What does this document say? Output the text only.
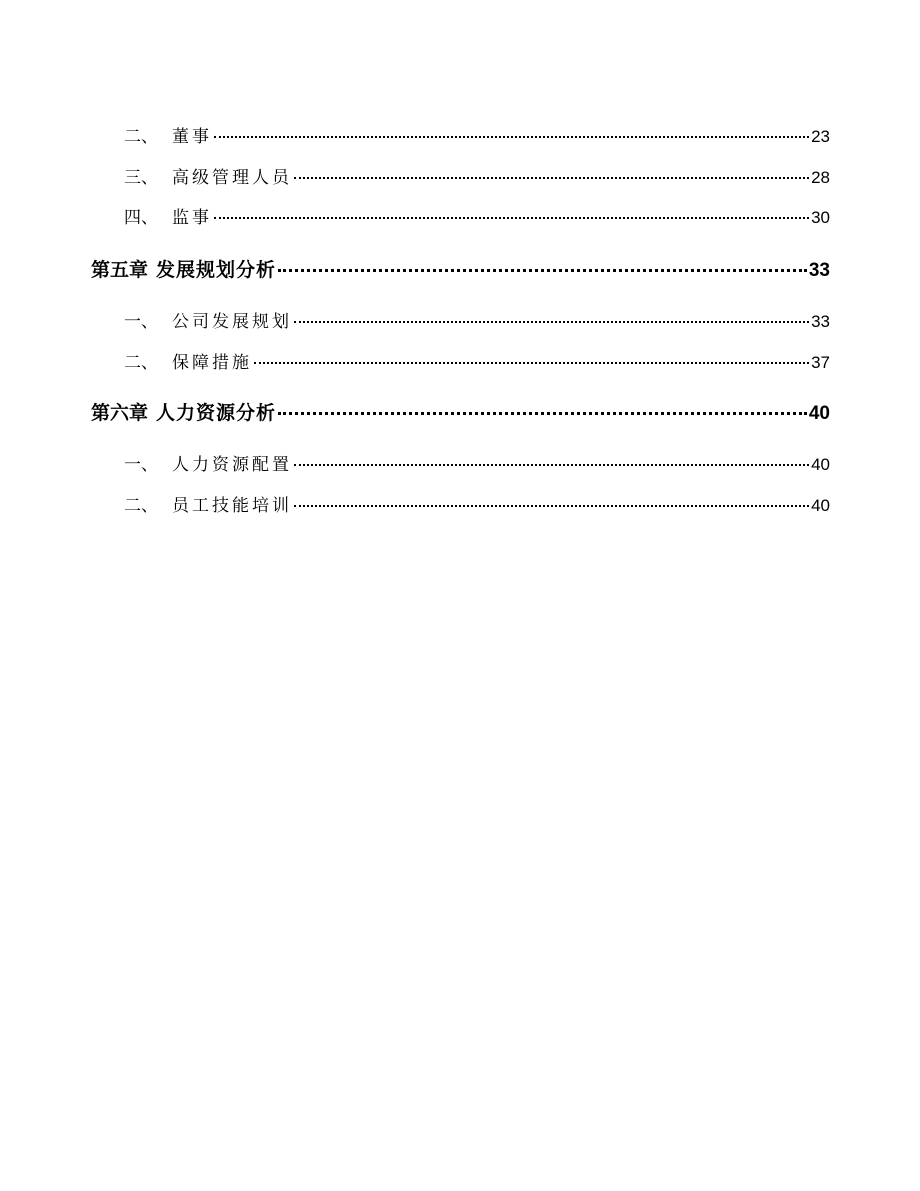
二、 董事	23
三、 高级管理人员	28
四、 监事	30
第五章 发展规划分析	33
一、 公司发展规划	33
二、 保障措施	37
第六章 人力资源分析	40
一、 人力资源配置	40
二、 员工技能培训	40
